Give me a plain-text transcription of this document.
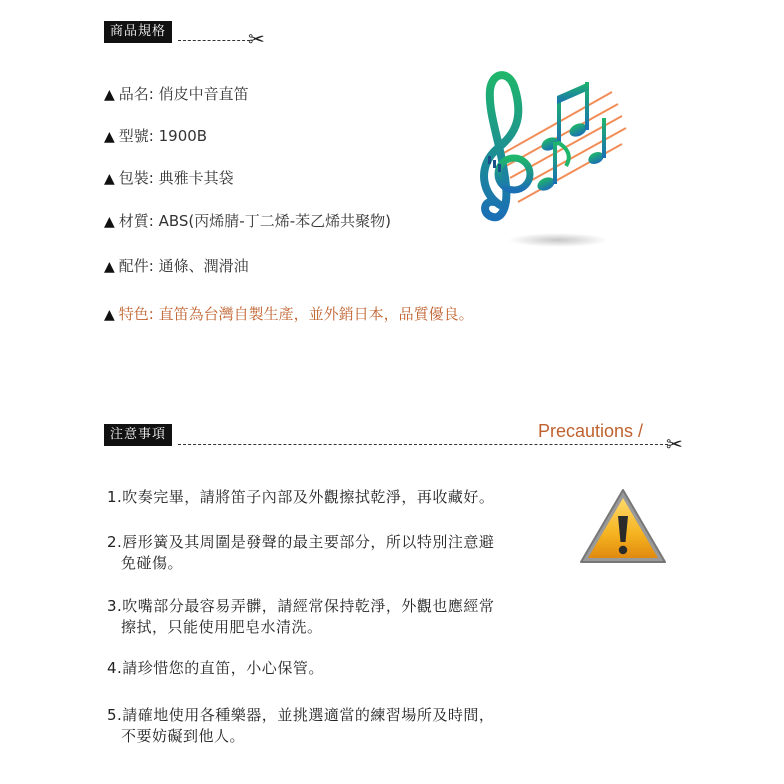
商品規格	✂
▲ 品名: 俏皮中音直笛
▲ 型號: 1900B
▲ 包裝: 典雅卡其袋
▲ 材質: ABS(丙烯腈-丁二烯-苯乙烯共聚物)
▲ 配件: 通條、潤滑油
▲ 特色: 直笛為台灣自製生產，並外銷日本，品質優良。
注意事項	Precautions /
✂
1.吹奏完畢，請將笛子內部及外觀擦拭乾淨，再收藏好。
2.唇形簧及其周圍是發聲的最主要部分，所以特別注意避
免碰傷。
3.吹嘴部分最容易弄髒，請經常保持乾淨，外觀也應經常
擦拭，只能使用肥皂水清洗。
4.請珍惜您的直笛，小心保管。
5.請確地使用各種樂器，並挑選適當的練習場所及時間，
不要妨礙到他人。
